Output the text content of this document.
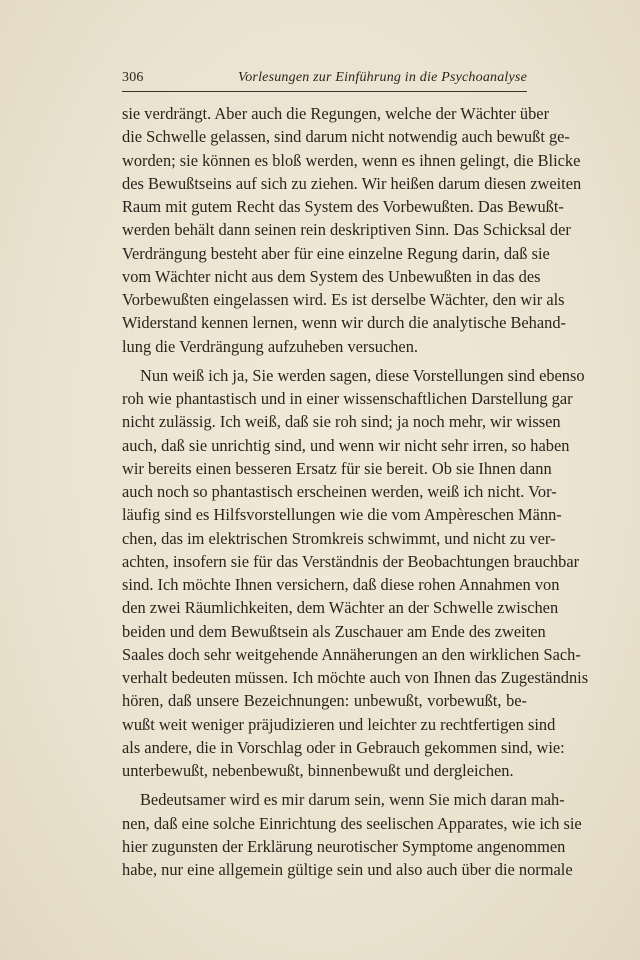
306	Vorlesungen zur Einführung in die Psychoanalyse
sie verdrängt. Aber auch die Regungen, welche der Wächter über
die Schwelle gelassen, sind darum nicht notwendig auch bewußt ge-
worden; sie können es bloß werden, wenn es ihnen gelingt, die Blicke
des Bewußtseins auf sich zu ziehen. Wir heißen darum diesen zweiten
Raum mit gutem Recht das System des Vorbewußten. Das Bewußt-
werden behält dann seinen rein deskriptiven Sinn. Das Schicksal der
Verdrängung besteht aber für eine einzelne Regung darin, daß sie
vom Wächter nicht aus dem System des Unbewußten in das des
Vorbewußten eingelassen wird. Es ist derselbe Wächter, den wir als
Widerstand kennen lernen, wenn wir durch die analytische Behand-
lung die Verdrängung aufzuheben versuchen.
Nun weiß ich ja, Sie werden sagen, diese Vorstellungen sind ebenso
roh wie phantastisch und in einer wissenschaftlichen Darstellung gar
nicht zulässig. Ich weiß, daß sie roh sind; ja noch mehr, wir wissen
auch, daß sie unrichtig sind, und wenn wir nicht sehr irren, so haben
wir bereits einen besseren Ersatz für sie bereit. Ob sie Ihnen dann
auch noch so phantastisch erscheinen werden, weiß ich nicht. Vor-
läufig sind es Hilfsvorstellungen wie die vom Ampèreschen Männ-
chen, das im elektrischen Stromkreis schwimmt, und nicht zu ver-
achten, insofern sie für das Verständnis der Beobachtungen brauchbar
sind. Ich möchte Ihnen versichern, daß diese rohen Annahmen von
den zwei Räumlichkeiten, dem Wächter an der Schwelle zwischen
beiden und dem Bewußtsein als Zuschauer am Ende des zweiten
Saales doch sehr weitgehende Annäherungen an den wirklichen Sach-
verhalt bedeuten müssen. Ich möchte auch von Ihnen das Zugeständnis
hören, daß unsere Bezeichnungen: unbewußt, vorbewußt, be-
wußt weit weniger präjudizieren und leichter zu rechtfertigen sind
als andere, die in Vorschlag oder in Gebrauch gekommen sind, wie:
unterbewußt, nebenbewußt, binnenbewußt und dergleichen.
Bedeutsamer wird es mir darum sein, wenn Sie mich daran mah-
nen, daß eine solche Einrichtung des seelischen Apparates, wie ich sie
hier zugunsten der Erklärung neurotischer Symptome angenommen
habe, nur eine allgemein gültige sein und also auch über die normale
